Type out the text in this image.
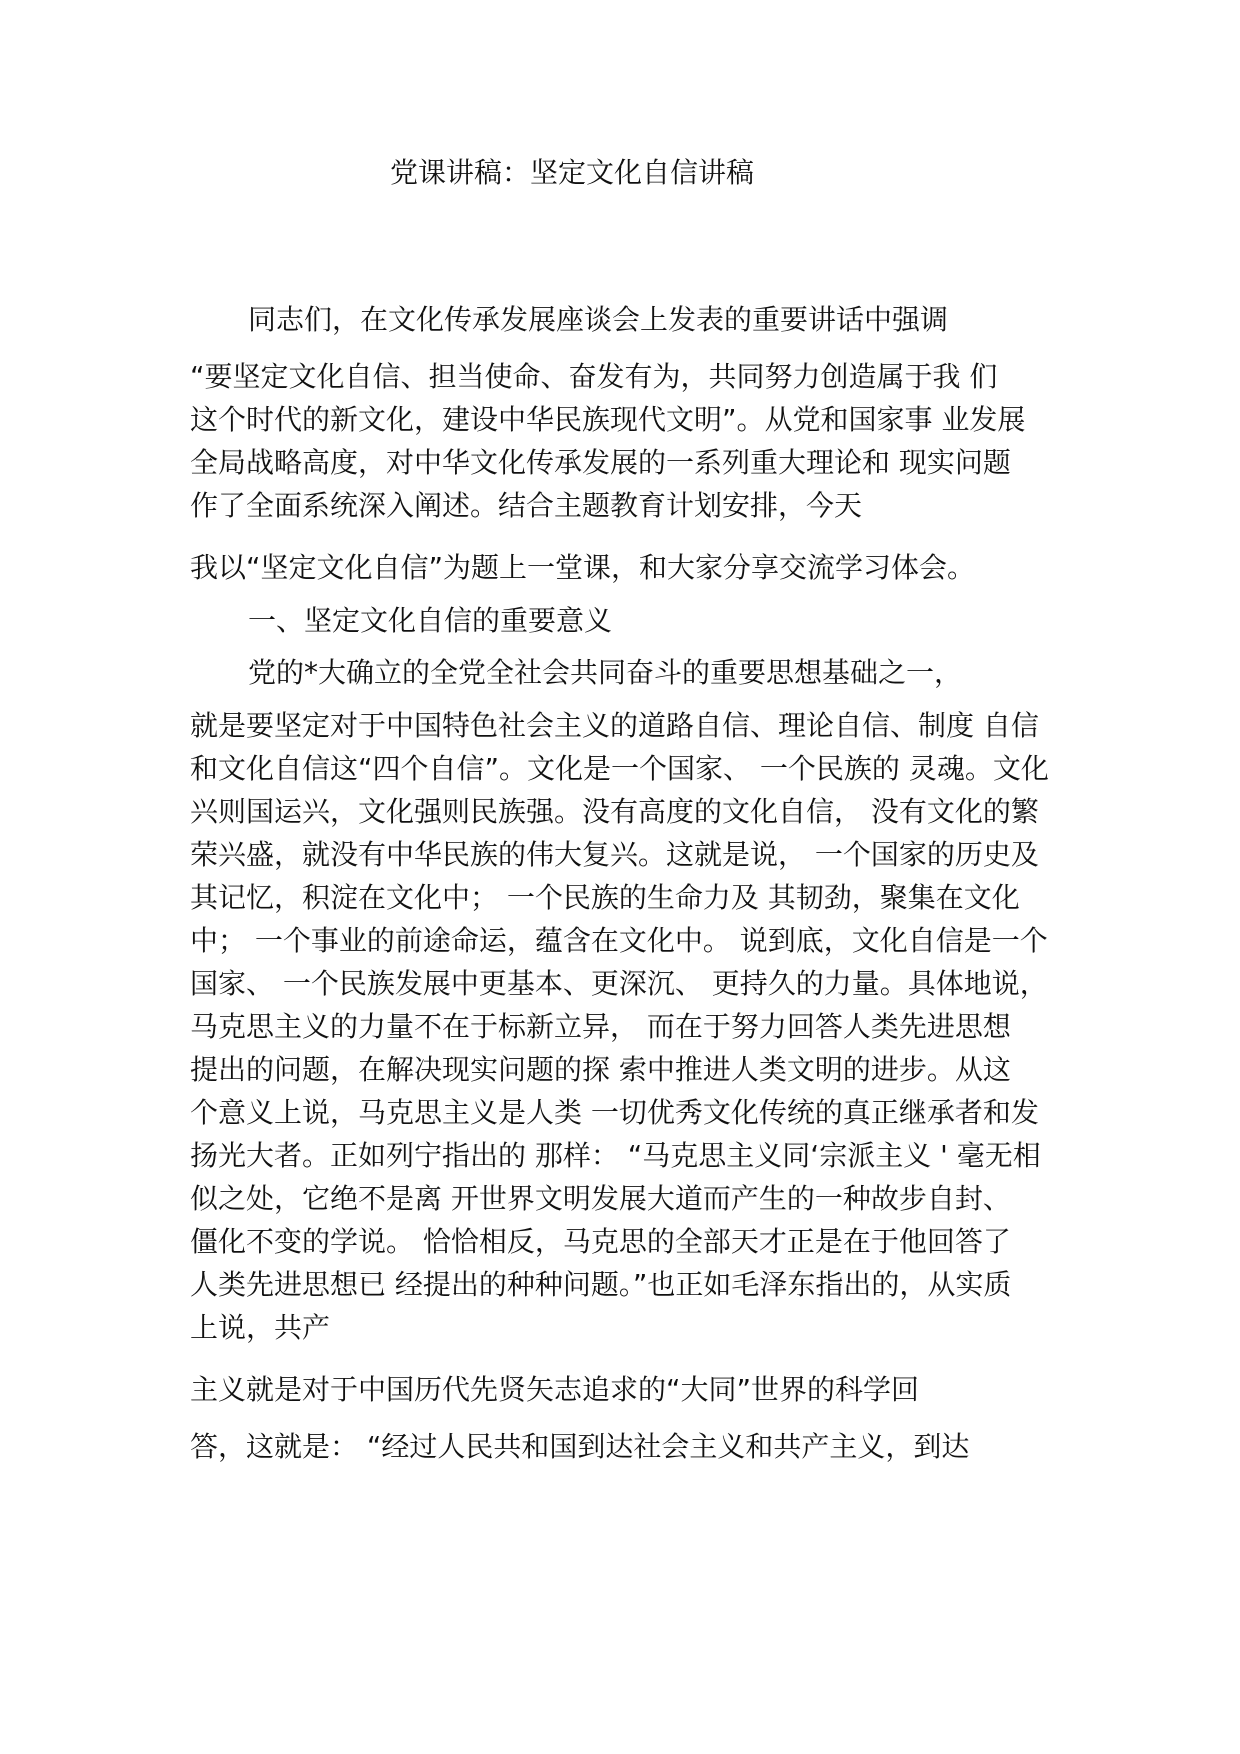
党课讲稿：坚定文化自信讲稿
同志们，在文化传承发展座谈会上发表的重要讲话中强调
“要坚定文化自信、担当使命、奋发有为，共同努力创造属于我 们
这个时代的新文化，建设中华民族现代文明”。从党和国家事 业发展
全局战略高度，对中华文化传承发展的一系列重大理论和 现实问题
作了全面系统深入阐述。结合主题教育计划安排，今天
我以“坚定文化自信”为题上一堂课，和大家分享交流学习体会。
一、坚定文化自信的重要意义
党的*大确立的全党全社会共同奋斗的重要思想基础之一，
就是要坚定对于中国特色社会主义的道路自信、理论自信、制度 自信
和文化自信这“四个自信”。文化是一个国家、 一个民族的 灵魂。文化
兴则国运兴，文化强则民族强。没有高度的文化自信， 没有文化的繁
荣兴盛，就没有中华民族的伟大复兴。这就是说， 一个国家的历史及
其记忆，积淀在文化中； 一个民族的生命力及 其韧劲，聚集在文化
中； 一个事业的前途命运，蕴含在文化中。 说到底，文化自信是一个
国家、 一个民族发展中更基本、更深沉、 更持久的力量。具体地说，
马克思主义的力量不在于标新立异， 而在于努力回答人类先进思想
提出的问题，在解决现实问题的探 索中推进人类文明的进步。从这
个意义上说，马克思主义是人类 一切优秀文化传统的真正继承者和发
扬光大者。正如列宁指出的 那样： “马克思主义同‘宗派主义 ' 毫无相
似之处，它绝不是离 开世界文明发展大道而产生的一种故步自封、
僵化不变的学说。 恰恰相反，马克思的全部天才正是在于他回答了
人类先进思想已 经提出的种种问题。”也正如毛泽东指出的，从实质
上说，共产
主义就是对于中国历代先贤矢志追求的“大同”世界的科学回
答，这就是： “经过人民共和国到达社会主义和共产主义，到达
